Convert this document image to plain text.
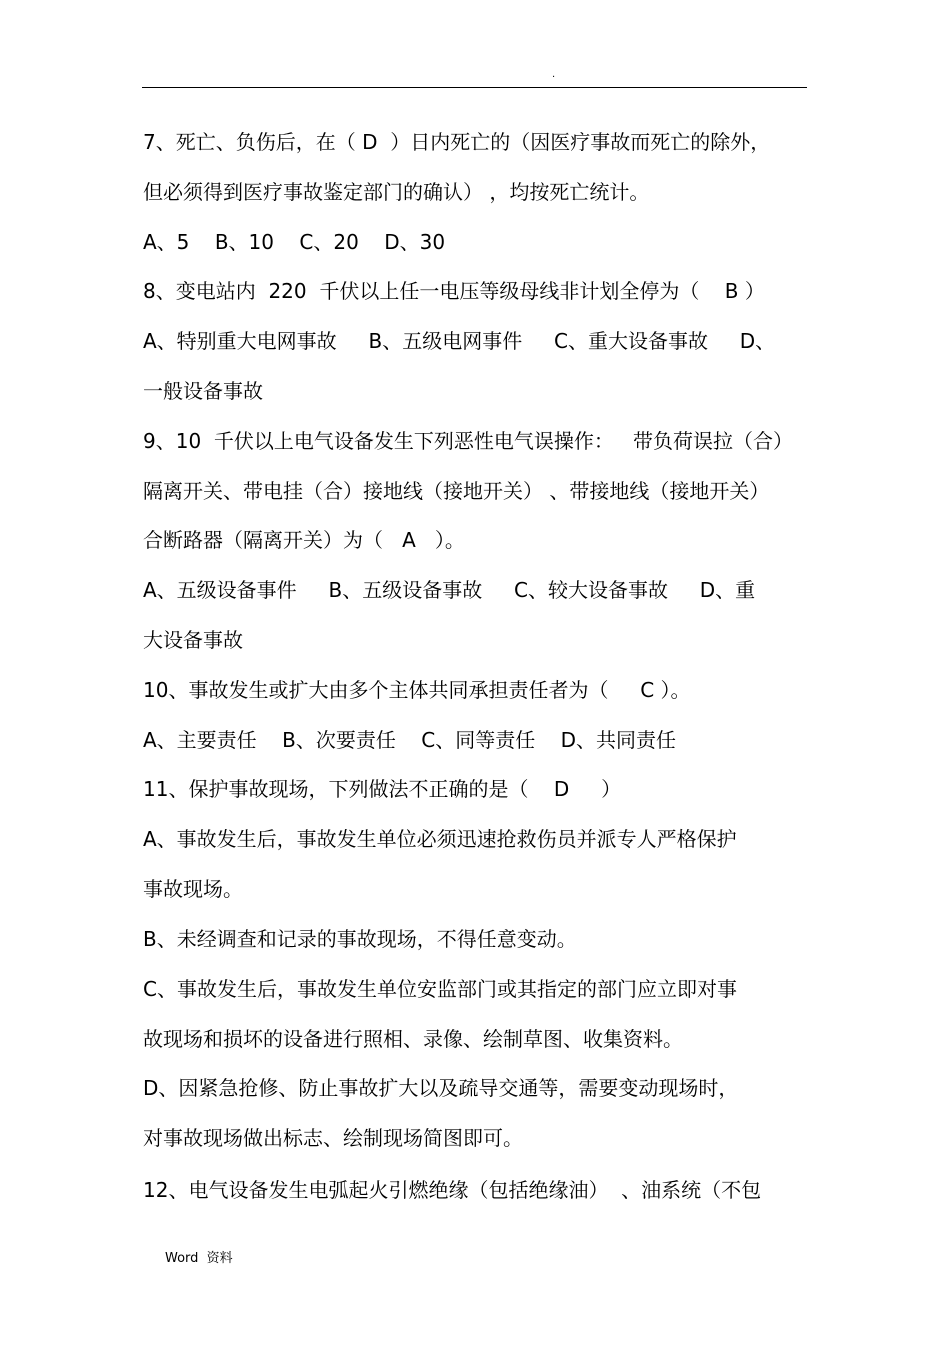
.
7、死亡、负伤后，在（ D  ）日内死亡的（因医疗事故而死亡的除外，
但必须得到医疗事故鉴定部门的确认） ，均按死亡统计。
A、5    B、10    C、20    D、30
8、变电站内  220  千伏以上任一电压等级母线非计划全停为（    B ）
A、特别重大电网事故     B、五级电网事件     C、重大设备事故     D、
一般设备事故
9、10  千伏以上电气设备发生下列恶性电气误操作：   带负荷误拉（合）
隔离开关、带电挂（合）接地线（接地开关） 、带接地线（接地开关）
合断路器（隔离开关）为（   A   ）。
A、五级设备事件     B、五级设备事故     C、较大设备事故     D、重
大设备事故
10、事故发生或扩大由多个主体共同承担责任者为（     C ）。
A、主要责任    B、次要责任    C、同等责任    D、共同责任
11、保护事故现场，下列做法不正确的是（    D     ）
A、事故发生后，事故发生单位必须迅速抢救伤员并派专人严格保护
事故现场。
B、未经调查和记录的事故现场，不得任意变动。
C、事故发生后，事故发生单位安监部门或其指定的部门应立即对事
故现场和损坏的设备进行照相、录像、绘制草图、收集资料。
D、因紧急抢修、防止事故扩大以及疏导交通等，需要变动现场时，
对事故现场做出标志、绘制现场简图即可。
12、电气设备发生电弧起火引燃绝缘（包括绝缘油）  、油系统（不包
Word  资料
